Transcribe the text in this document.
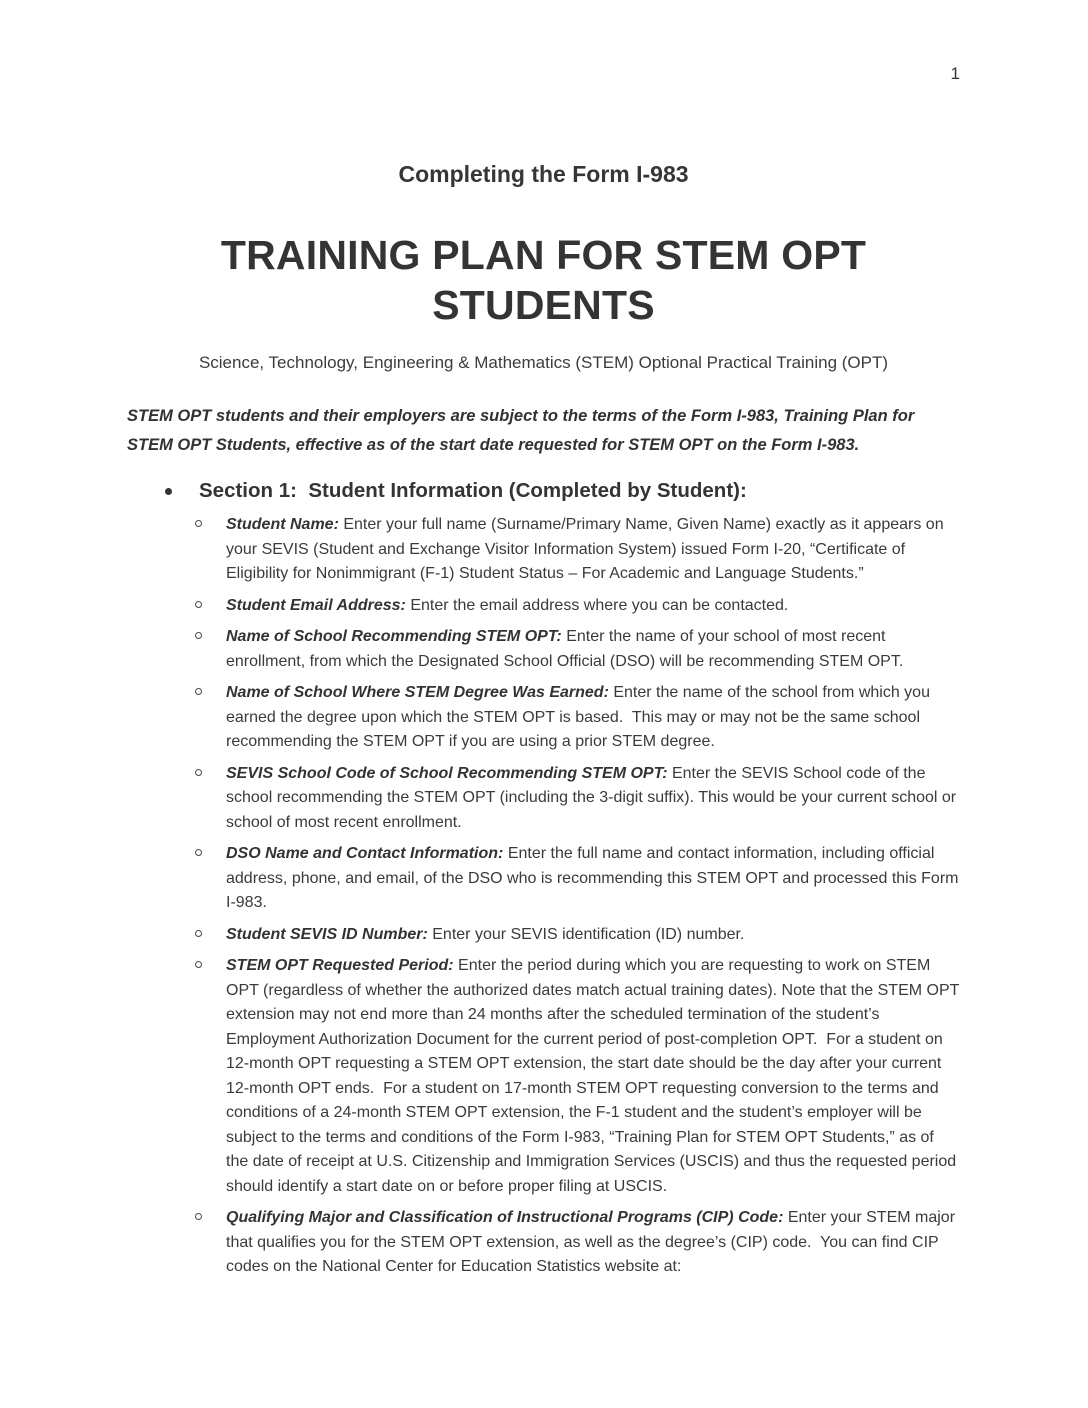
1
Completing the Form I-983
TRAINING PLAN FOR STEM OPT STUDENTS

Science, Technology, Engineering & Mathematics (STEM) Optional Practical Training (OPT)

STEM OPT students and their employers are subject to the terms of the Form I-983, Training Plan for STEM OPT Students, effective as of the start date requested for STEM OPT on the Form I-983.

Section 1:  Student Information (Completed by Student):
Student Name: Enter your full name (Surname/Primary Name, Given Name) exactly as it appears on your SEVIS (Student and Exchange Visitor Information System) issued Form I-20, “Certificate of Eligibility for Nonimmigrant (F-1) Student Status – For Academic and Language Students.”
Student Email Address: Enter the email address where you can be contacted.
Name of School Recommending STEM OPT: Enter the name of your school of most recent enrollment, from which the Designated School Official (DSO) will be recommending STEM OPT.
Name of School Where STEM Degree Was Earned: Enter the name of the school from which you earned the degree upon which the STEM OPT is based.  This may or may not be the same school recommending the STEM OPT if you are using a prior STEM degree.
SEVIS School Code of School Recommending STEM OPT: Enter the SEVIS School code of the school recommending the STEM OPT (including the 3-digit suffix). This would be your current school or school of most recent enrollment.
DSO Name and Contact Information: Enter the full name and contact information, including official address, phone, and email, of the DSO who is recommending this STEM OPT and processed this Form I-983.
Student SEVIS ID Number: Enter your SEVIS identification (ID) number.
STEM OPT Requested Period: Enter the period during which you are requesting to work on STEM OPT (regardless of whether the authorized dates match actual training dates). Note that the STEM OPT extension may not end more than 24 months after the scheduled termination of the student’s Employment Authorization Document for the current period of post-completion OPT.  For a student on 12-month OPT requesting a STEM OPT extension, the start date should be the day after your current 12-month OPT ends.  For a student on 17-month STEM OPT requesting conversion to the terms and conditions of a 24-month STEM OPT extension, the F-1 student and the student’s employer will be subject to the terms and conditions of the Form I-983, “Training Plan for STEM OPT Students,” as of the date of receipt at U.S. Citizenship and Immigration Services (USCIS) and thus the requested period should identify a start date on or before proper filing at USCIS.
Qualifying Major and Classification of Instructional Programs (CIP) Code: Enter your STEM major that qualifies you for the STEM OPT extension, as well as the degree’s (CIP) code.  You can find CIP codes on the National Center for Education Statistics website at:
